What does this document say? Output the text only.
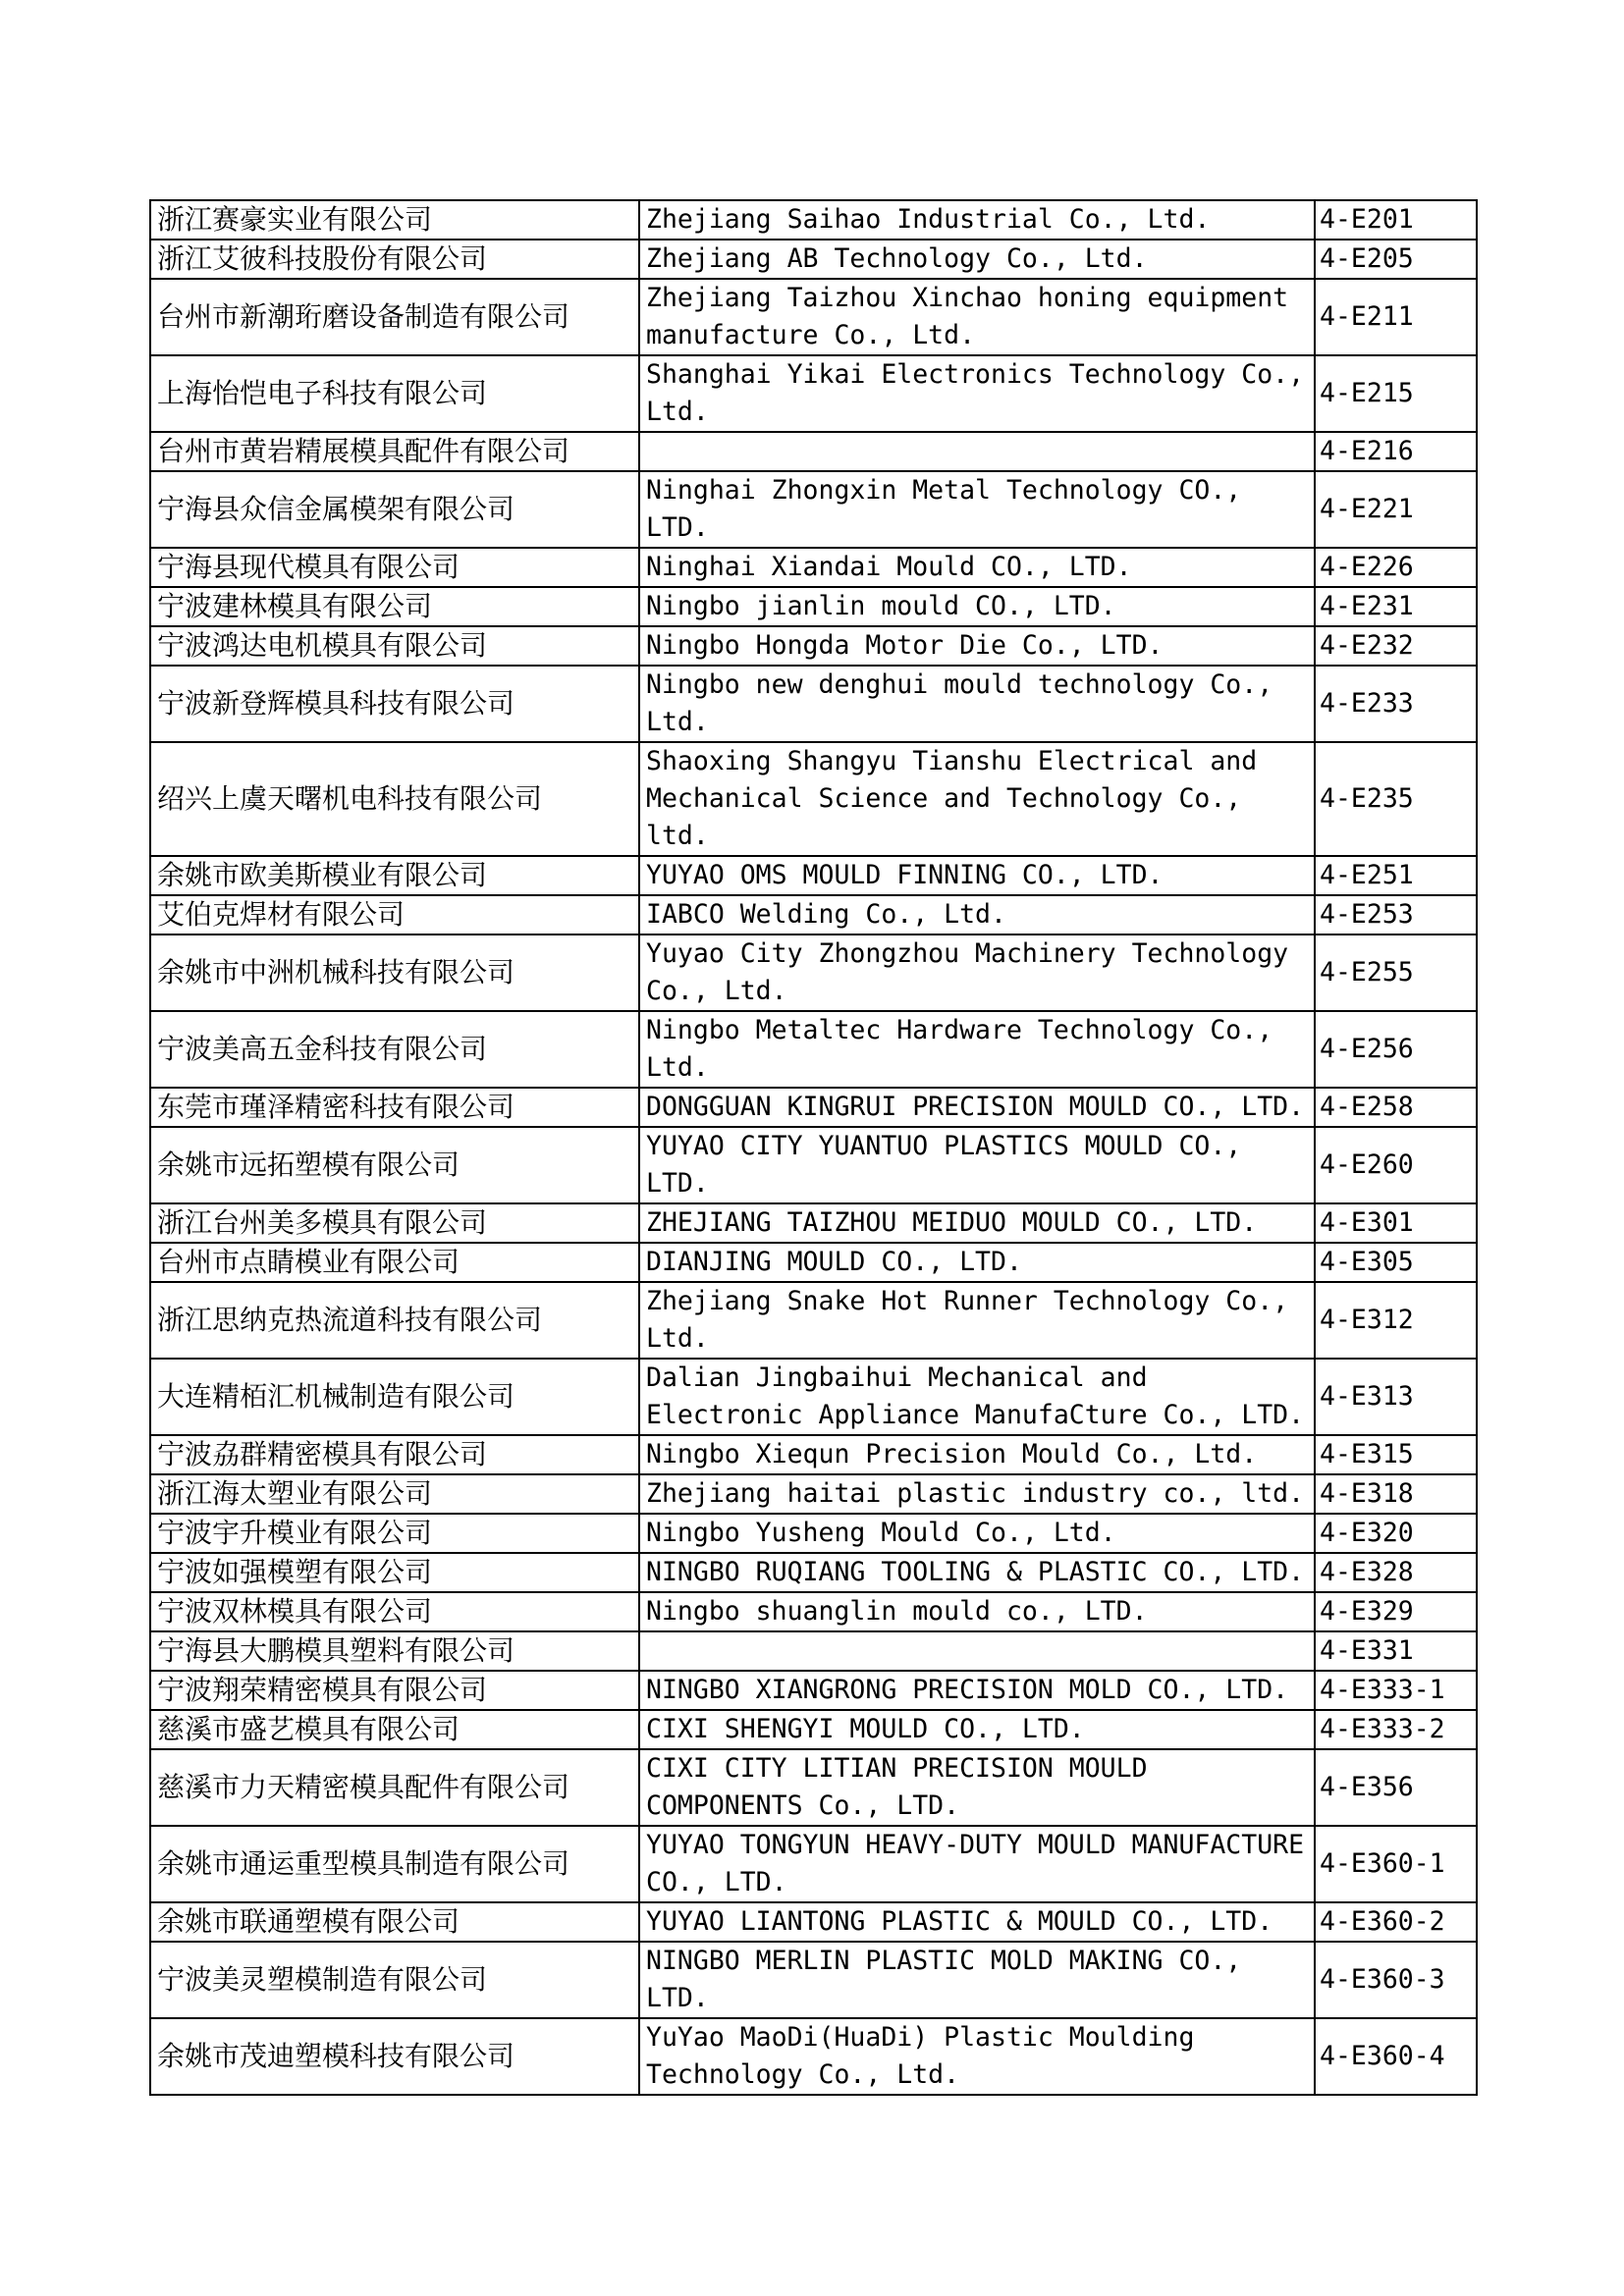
浙江赛豪实业有限公司	Zhejiang Saihao Industrial Co., Ltd.	4-E201
浙江艾彼科技股份有限公司	Zhejiang AB Technology Co., Ltd.	4-E205
台州市新潮珩磨设备制造有限公司	Zhejiang Taizhou Xinchao honing equipment manufacture Co., Ltd.	4-E211
上海怡恺电子科技有限公司	Shanghai Yikai Electronics Technology Co., Ltd.	4-E215
台州市黄岩精展模具配件有限公司		4-E216
宁海县众信金属模架有限公司	Ninghai Zhongxin Metal Technology CO., LTD.	4-E221
宁海县现代模具有限公司	Ninghai Xiandai Mould CO., LTD.	4-E226
宁波建林模具有限公司	Ningbo jianlin mould CO., LTD.	4-E231
宁波鸿达电机模具有限公司	Ningbo Hongda Motor Die Co., LTD.	4-E232
宁波新登辉模具科技有限公司	Ningbo new denghui mould technology Co., Ltd.	4-E233
绍兴上虞天曙机电科技有限公司	Shaoxing Shangyu Tianshu Electrical and Mechanical Science and Technology Co., ltd.	4-E235
余姚市欧美斯模业有限公司	YUYAO OMS MOULD FINNING CO., LTD.	4-E251
艾伯克焊材有限公司	IABCO Welding Co., Ltd.	4-E253
余姚市中洲机械科技有限公司	Yuyao City Zhongzhou Machinery Technology Co., Ltd.	4-E255
宁波美高五金科技有限公司	Ningbo Metaltec Hardware Technology Co., Ltd.	4-E256
东莞市瑾泽精密科技有限公司	DONGGUAN KINGRUI PRECISION MOULD CO., LTD.	4-E258
余姚市远拓塑模有限公司	YUYAO CITY YUANTUO PLASTICS MOULD CO., LTD.	4-E260
浙江台州美多模具有限公司	ZHEJIANG TAIZHOU MEIDUO MOULD CO., LTD.	4-E301
台州市点睛模业有限公司	DIANJING MOULD CO., LTD.	4-E305
浙江思纳克热流道科技有限公司	Zhejiang Snake Hot Runner Technology Co., Ltd.	4-E312
大连精栢汇机械制造有限公司	Dalian Jingbaihui Mechanical and Electronic Appliance ManufaCture Co., LTD.	4-E313
宁波劦群精密模具有限公司	Ningbo Xiequn Precision Mould Co., Ltd.	4-E315
浙江海太塑业有限公司	Zhejiang haitai plastic industry co., ltd.	4-E318
宁波宇升模业有限公司	Ningbo Yusheng Mould Co., Ltd.	4-E320
宁波如强模塑有限公司	NINGBO RUQIANG TOOLING & PLASTIC CO., LTD.	4-E328
宁波双林模具有限公司	Ningbo shuanglin mould co., LTD.	4-E329
宁海县大鹏模具塑料有限公司		4-E331
宁波翔荣精密模具有限公司	NINGBO XIANGRONG PRECISION MOLD CO., LTD.	4-E333-1
慈溪市盛艺模具有限公司	CIXI SHENGYI MOULD CO., LTD.	4-E333-2
慈溪市力天精密模具配件有限公司	CIXI CITY LITIAN PRECISION MOULD COMPONENTS Co., LTD.	4-E356
余姚市通运重型模具制造有限公司	YUYAO TONGYUN HEAVY-DUTY MOULD MANUFACTURE CO., LTD.	4-E360-1
余姚市联通塑模有限公司	YUYAO LIANTONG PLASTIC & MOULD CO., LTD.	4-E360-2
宁波美灵塑模制造有限公司	NINGBO MERLIN PLASTIC MOLD MAKING CO., LTD.	4-E360-3
余姚市茂迪塑模科技有限公司	YuYao MaoDi(HuaDi) Plastic Moulding Technology Co., Ltd.	4-E360-4
